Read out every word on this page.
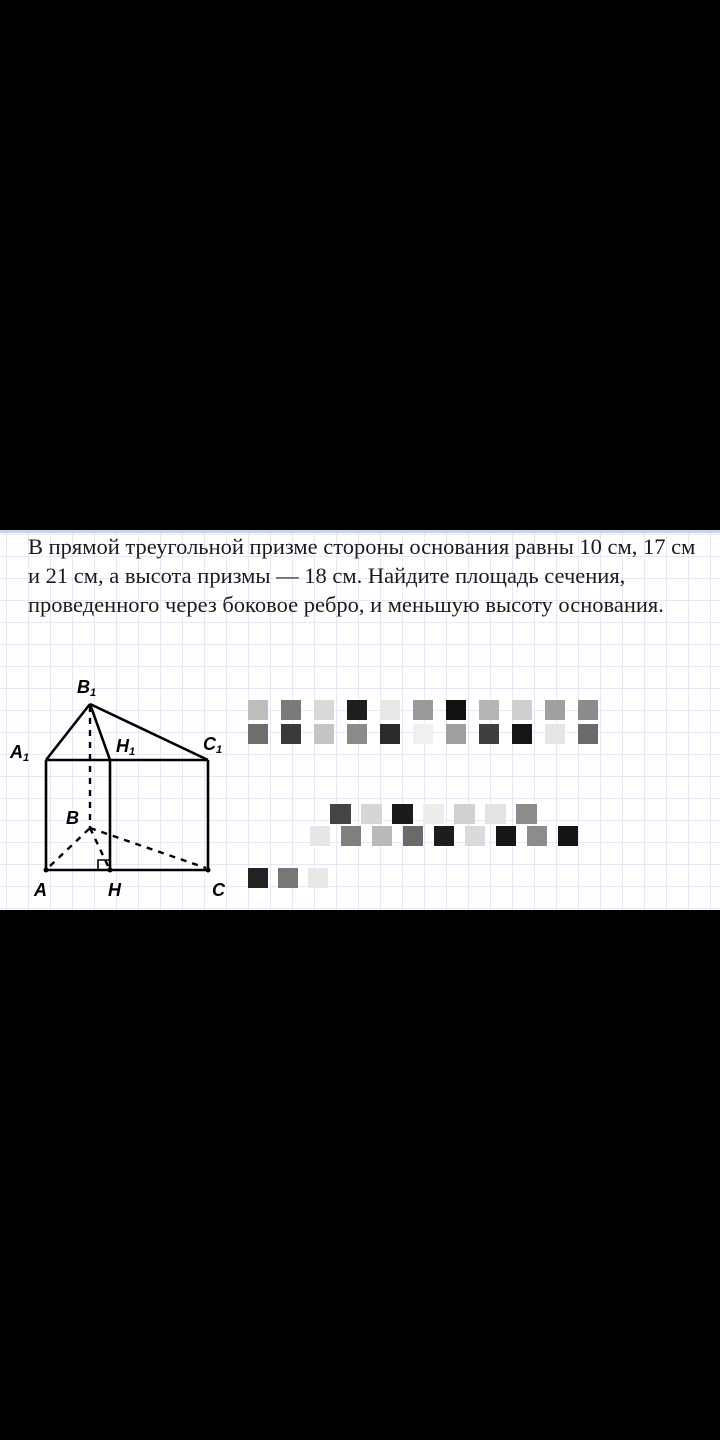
В прямой треугольной призме стороны основания равны 10 см, 17 см и 21 см, а высота призмы — 18 см. Найдите площадь сечения, проведенного через боковое ребро, и меньшую высоту основания.

B1
A1
H1	C1
B
A	H	C
